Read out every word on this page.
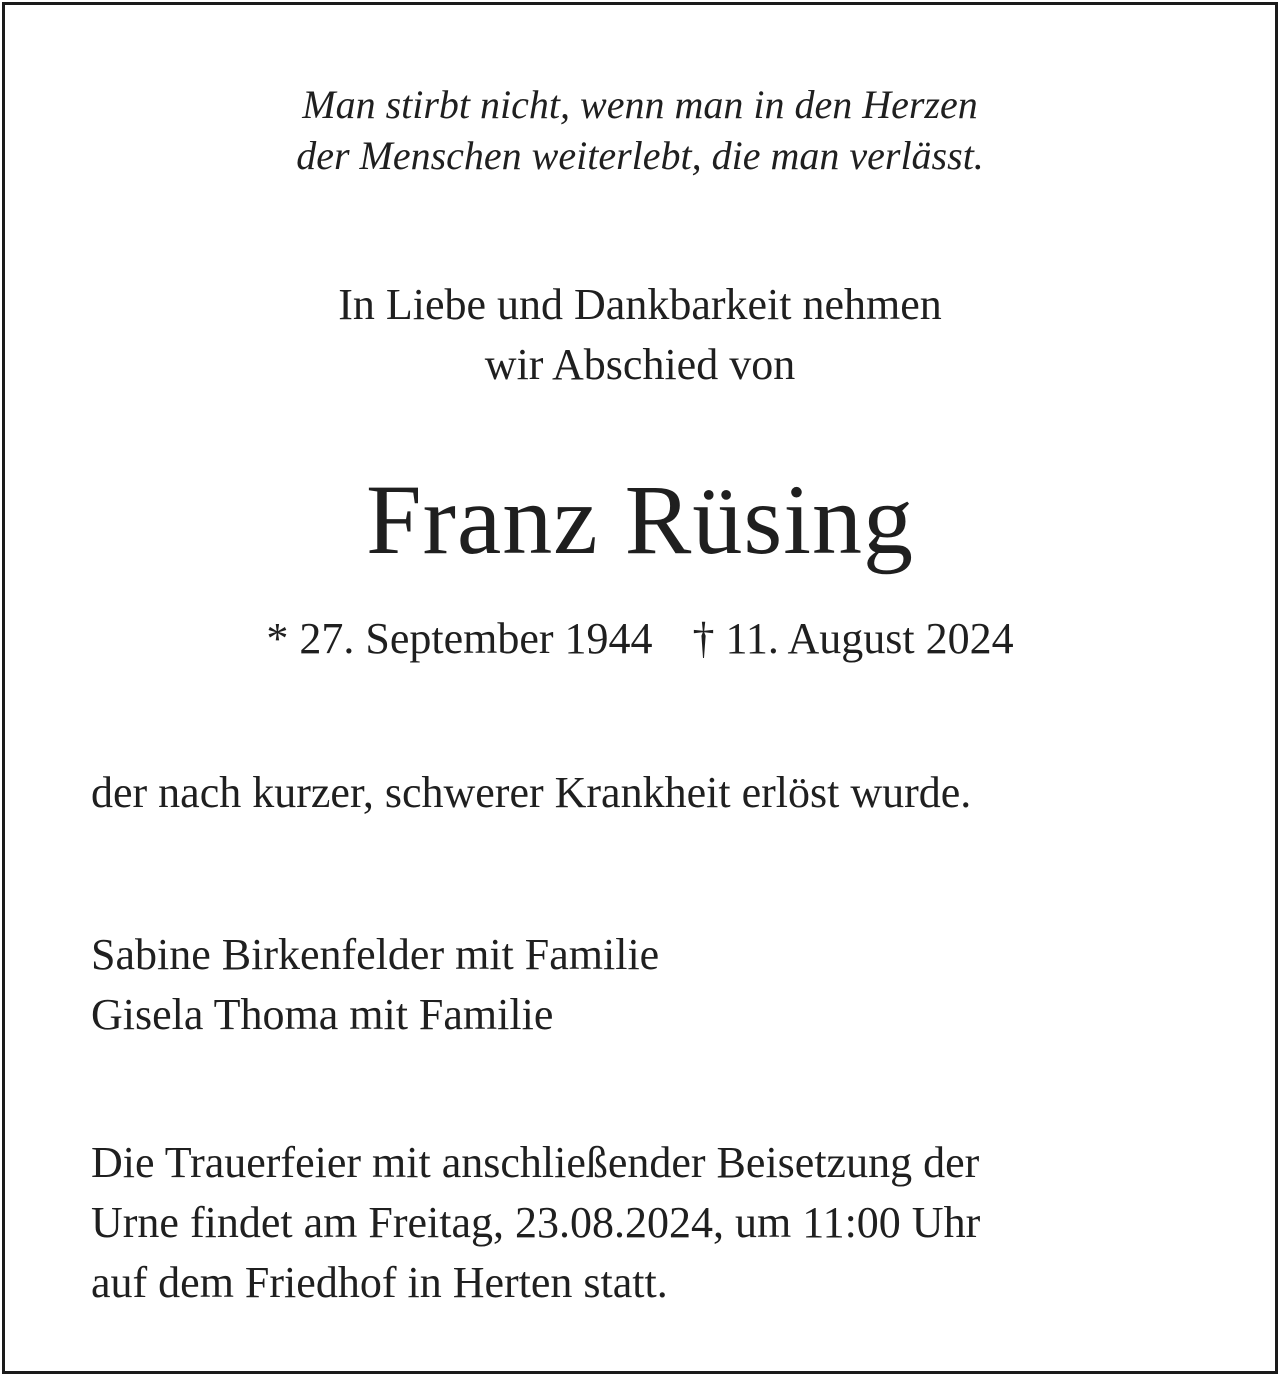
Man stirbt nicht, wenn man in den Herzen

der Menschen weiterlebt, die man verlässt.

In Liebe und Dankbarkeit nehmen

wir Abschied von

Franz Rüsing

* 27. September 1944 † 11. August 2024

der nach kurzer, schwerer Krankheit erlöst wurde.

Sabine Birkenfelder mit Familie

Gisela Thoma mit Familie

Die Trauerfeier mit anschließender Beisetzung der

Urne findet am Freitag, 23.08.2024, um 11:00 Uhr

auf dem Friedhof in Herten statt.
